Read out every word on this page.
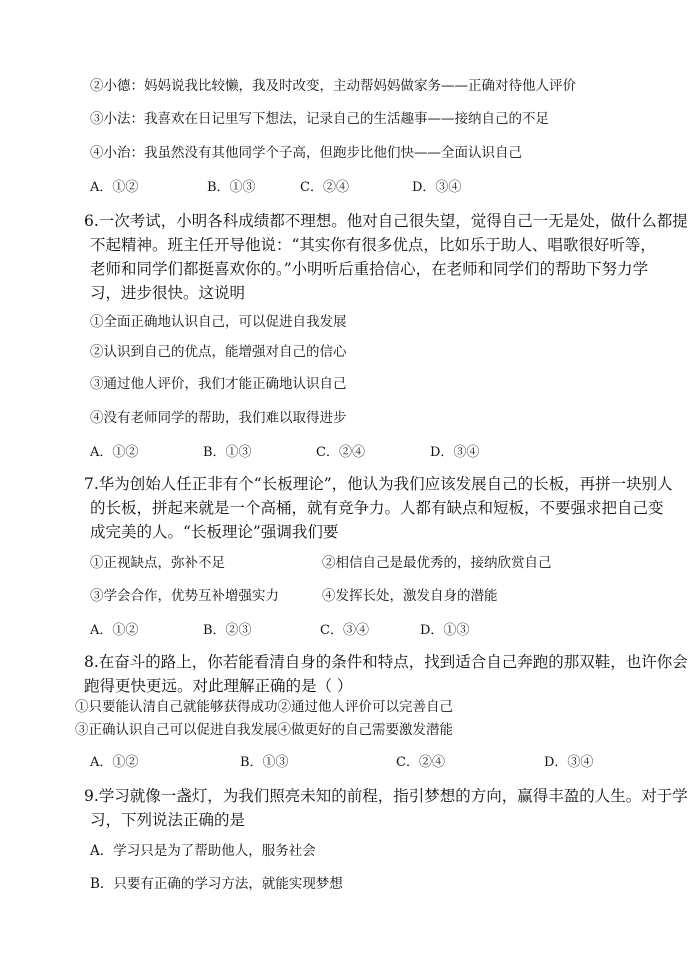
②小德：妈妈说我比较懒，我及时改变，主动帮妈妈做家务——正确对待他人评价
③小法：我喜欢在日记里写下想法，记录自己的生活趣事——接纳自己的不足
④小治：我虽然没有其他同学个子高，但跑步比他们快——全面认识自己
A．①②	B．①③	C．②④	D．③④
6.一次考试，小明各科成绩都不理想。他对自己很失望，觉得自己一无是处，做什么都提
不起精神。班主任开导他说：“其实你有很多优点，比如乐于助人、唱歌很好听等，
老师和同学们都挺喜欢你的。”小明听后重拾信心，在老师和同学们的帮助下努力学
习，进步很快。这说明
①全面正确地认识自己，可以促进自我发展
②认识到自己的优点，能增强对自己的信心
③通过他人评价，我们才能正确地认识自己
④没有老师同学的帮助，我们难以取得进步
A．①②	B．①③	C．②④	D．③④
7.华为创始人任正非有个“长板理论”，他认为我们应该发展自己的长板，再拼一块别人
的长板，拼起来就是一个高桶，就有竞争力。人都有缺点和短板，不要强求把自己变
成完美的人。“长板理论”强调我们要
①正视缺点，弥补不足	②相信自己是最优秀的，接纳欣赏自己
③学会合作，优势互补增强实力	④发挥长处，激发自身的潜能
A．①②	B．②③	C．③④	D．①③
8.在奋斗的路上，你若能看清自身的条件和特点，找到适合自己奔跑的那双鞋，也许你会
跑得更快更远。对此理解正确的是（ ）
①只要能认清自己就能够获得成功②通过他人评价可以完善自己
③正确认识自己可以促进自我发展④做更好的自己需要激发潜能
A．①②	B．①③	C．②④	D．③④
9.学习就像一盏灯，为我们照亮未知的前程，指引梦想的方向，赢得丰盈的人生。对于学
习，下列说法正确的是
A．学习只是为了帮助他人，服务社会
B．只要有正确的学习方法，就能实现梦想
